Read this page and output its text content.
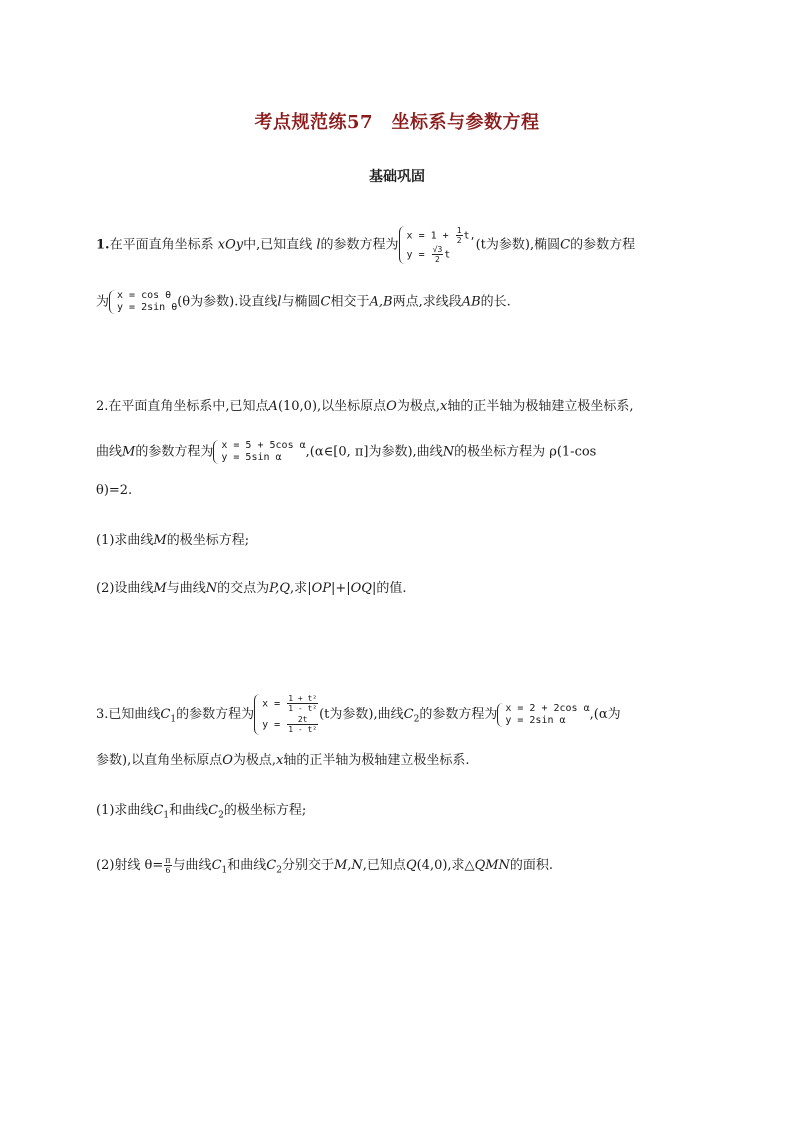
考点规范练57　坐标系与参数方程
基础巩固
1.在平面直角坐标系 xOy中,已知直线 l的参数方程为
$x = 1 + \frac{1}{2} t$,
$y = \frac{√3}{2}$ t
(t为参数),椭圆C的参数方程
为 x = cos θ
y = 2sin θ (θ为参数).设直线l与椭圆C相交于A,B两点,求线段AB的长.
2.在平面直角坐标系中,已知点A(10,0),以坐标原点O为极点,x轴的正半轴为极轴建立极坐标系,
曲线M的参数方程为 x = 5 + 5cos α
y = 5sin α	,(α∈[0, π]为参数),曲线N的极坐标方程为 ρ(1-cos
θ)=2.
(1)求曲线M的极坐标方程;
(2)设曲线M与曲线N的交点为P,Q,求|OP|+|OQ|的值.
3.已知曲线$C_1$的参数方程为
$x = \frac{\text{1 + t²}}{\text{1 - t²}}$
$y = \frac{2t}{\text{1 - t²}} (t$为参数),曲线$C_2$的参数方程为 x = 2 + 2cos α
y = 2sin α	,(α为
参数),以直角坐标原点O为极点,x轴的正半轴为极轴建立极坐标系.
(1)求曲线$C_1$和曲线$C_2$的极坐标方程;
(2)射线 $\theta= \frac{\pi}{6}$ 与曲线$C_1$和曲线$C_2$分别交于M,N,已知点Q(4,0),求△QMN的面积.
